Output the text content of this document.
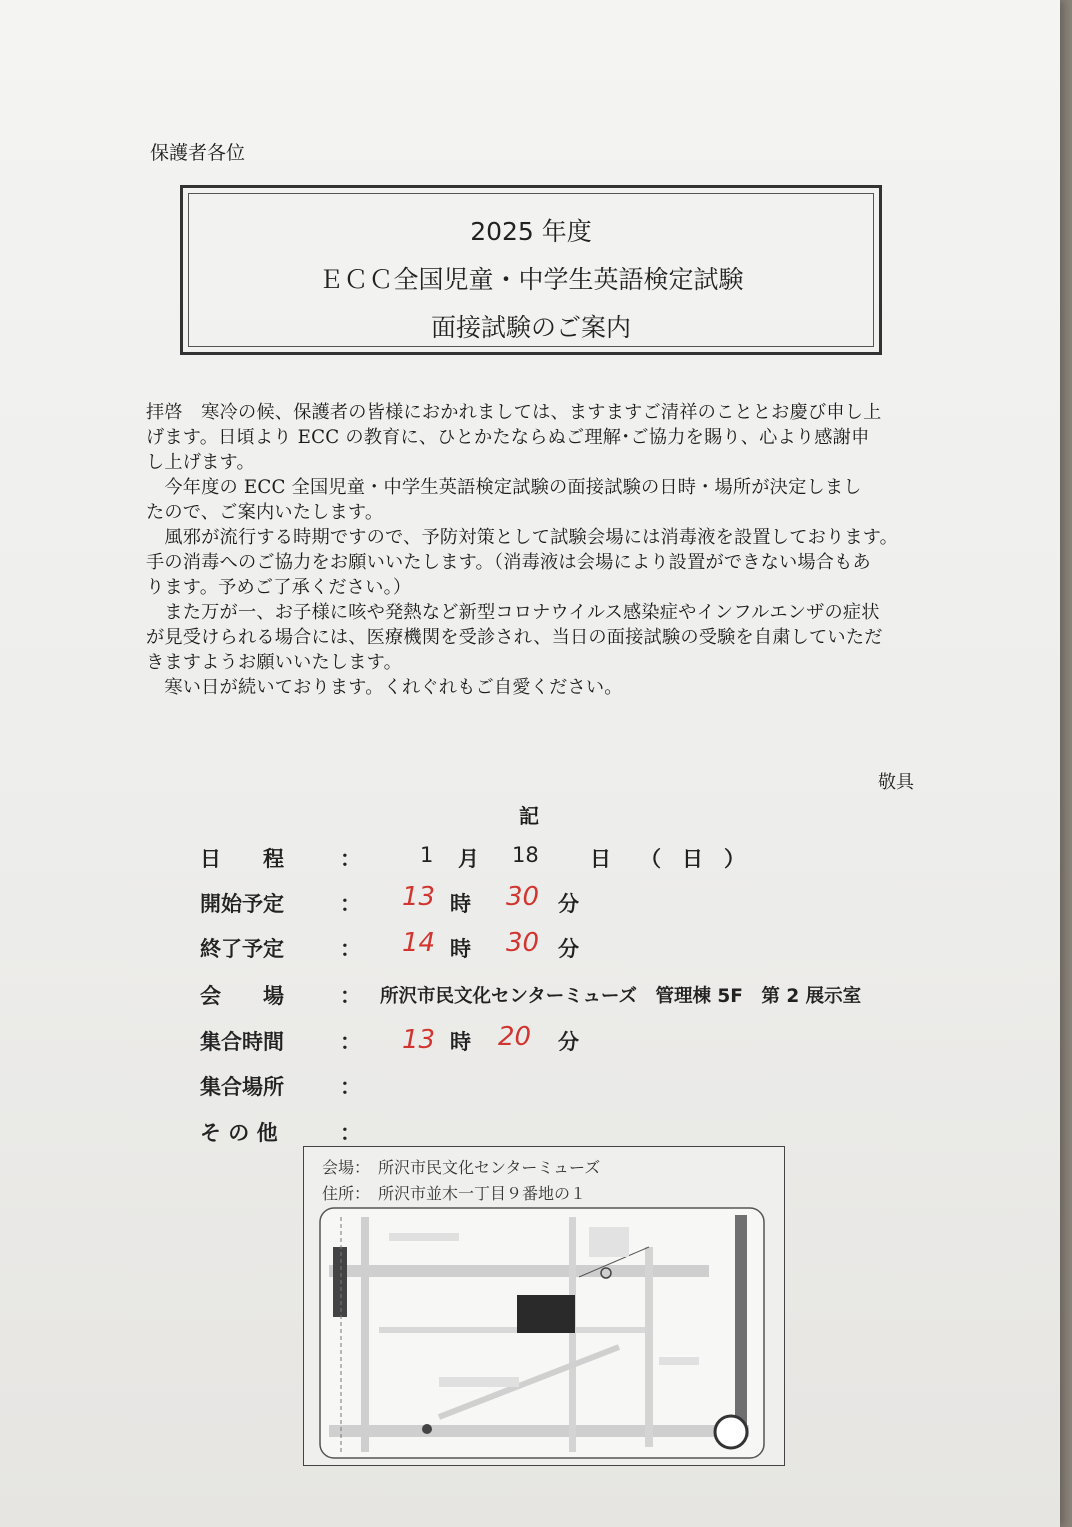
保護者各位
2025 年度
ＥＣＣ全国児童・中学生英語検定試験
面接試験のご案内

拝啓　寒冷の候、保護者の皆様におかれましては、ますますご清祥のこととお慶び申し上

げます。日頃より ECC の教育に、ひとかたならぬご理解･ご協力を賜り、心より感謝申

し上げます。

　今年度の ECC 全国児童・中学生英語検定試験の面接試験の日時・場所が決定しまし

たので、ご案内いたします。

　風邪が流行する時期ですので、予防対策として試験会場には消毒液を設置しております。

手の消毒へのご協力をお願いいたします。（消毒液は会場により設置ができない場合もあ

ります。予めご了承ください。）

　また万が一、お子様に咳や発熱など新型コロナウイルス感染症やインフルエンザの症状

が見受けられる場合には、医療機関を受診され、当日の面接試験の受験を自粛していただ

きますようお願いいたします。

　寒い日が続いております。くれぐれもご自愛ください。

敬具
記
日　　程	：	1 月 18 日 （　日　）
開始予定	： 13 時 30 分
終了予定	： 14 時 30 分
会　　場	： 所沢市民文化センターミューズ　管理棟 5F　第 2 展示室
集合時間	： 13 時 20 分
集合場所	：
そ の 他	：
会場：　所沢市民文化センターミューズ
住所：　所沢市並木一丁目９番地の１
